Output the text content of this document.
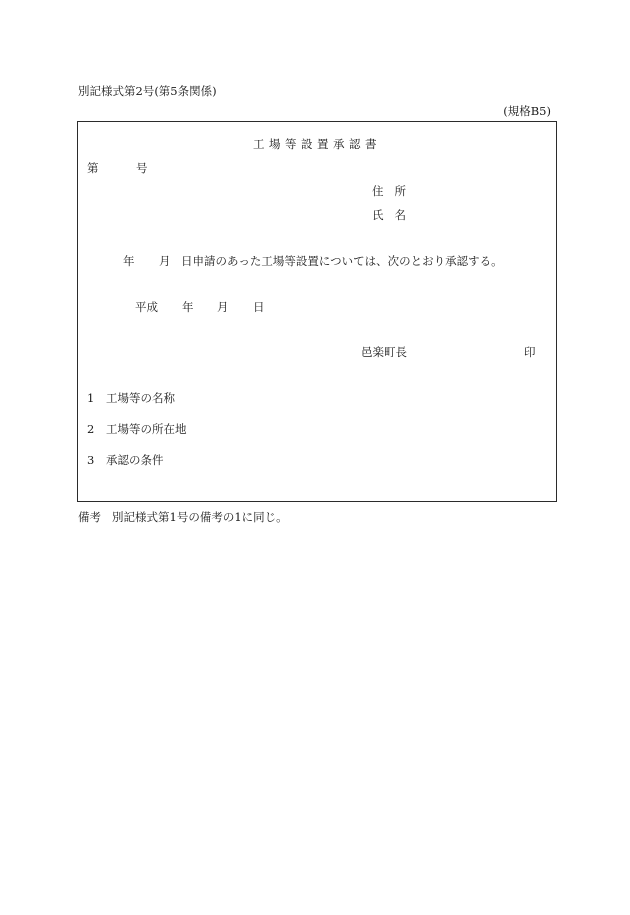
別記様式第2号(第5条関係)
(規格B5)
工場等設置承認書
第	号
住所
氏名
年 月 日申請のあった工場等設置については、次のとおり承認する。
平成 年 月 日
邑楽町長	印
1 工場等の名称
2 工場等の所在地
3 承認の条件
備考 別記様式第1号の備考の1に同じ。
